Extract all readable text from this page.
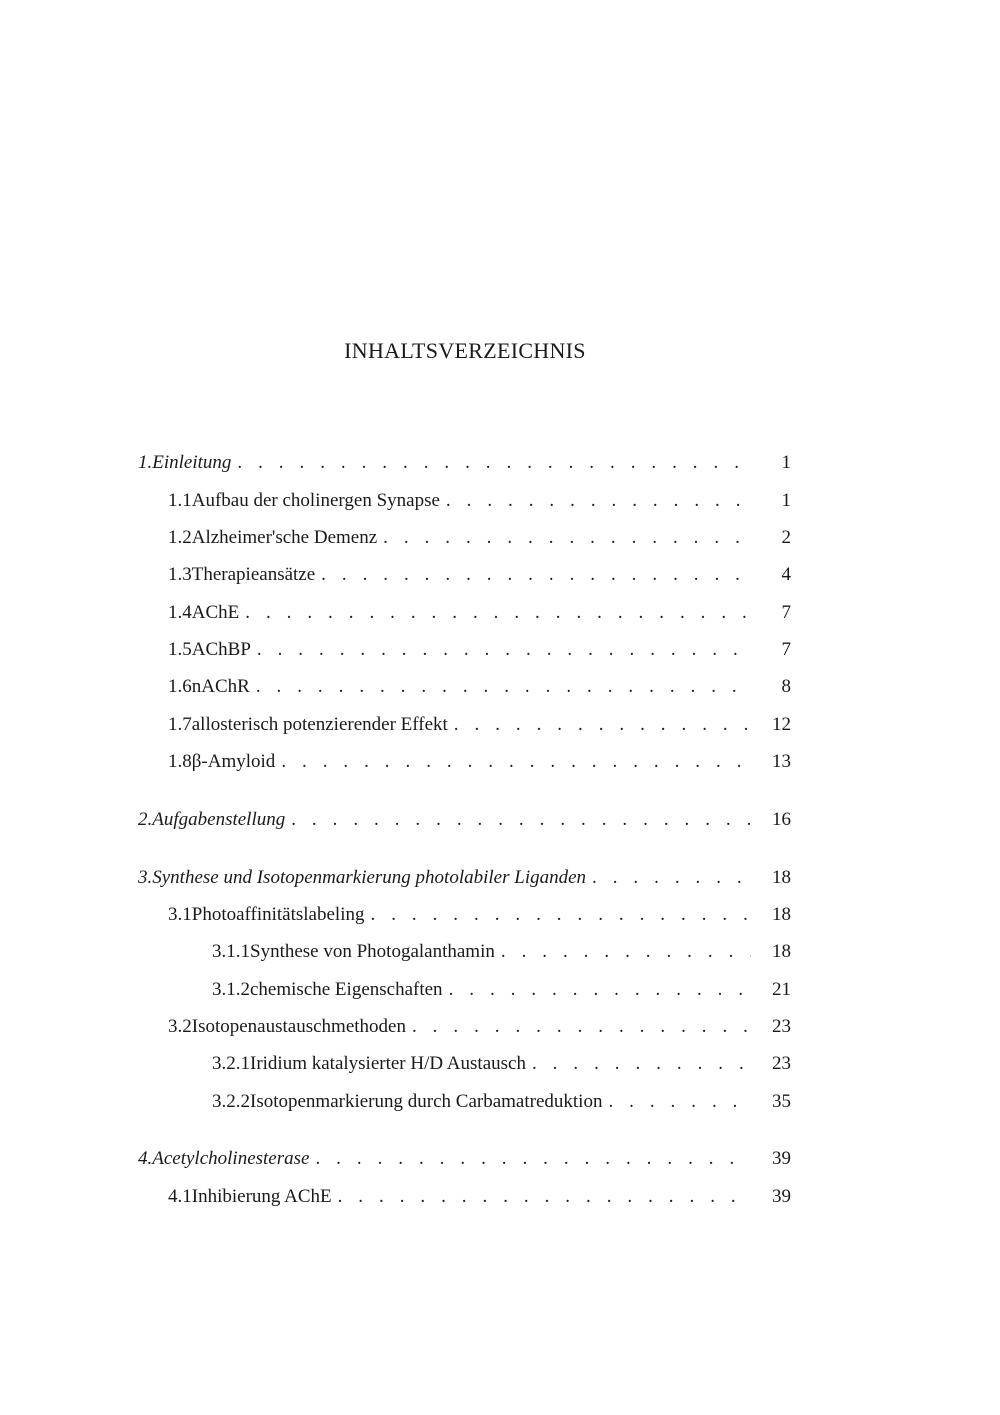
INHALTSVERZEICHNIS
1. Einleitung . . .	1
1.1 Aufbau der cholinergen Synapse . . .	1
1.2 Alzheimer'sche Demenz . . .	2
1.3 Therapieansätze . . .	4
1.4 AChE . . .	7
1.5 AChBP . . .	7
1.6 nAChR . . .	8
1.7 allosterisch potenzierender Effekt . . .	12
1.8 β-Amyloid . . .	13
2. Aufgabenstellung . . .	16
3. Synthese und Isotopenmarkierung photolabiler Liganden . . .	18
3.1 Photoaffinitätslabeling . . .	18
3.1.1 Synthese von Photogalanthamin . . .	18
3.1.2 chemische Eigenschaften . . .	21
3.2 Isotopenaustauschmethoden . . .	23
3.2.1 Iridium katalysierter H/D Austausch . . .	23
3.2.2 Isotopenmarkierung durch Carbamatreduktion . . .	35
4. Acetylcholinesterase . . .	39
4.1 Inhibierung AChE . . .	39
